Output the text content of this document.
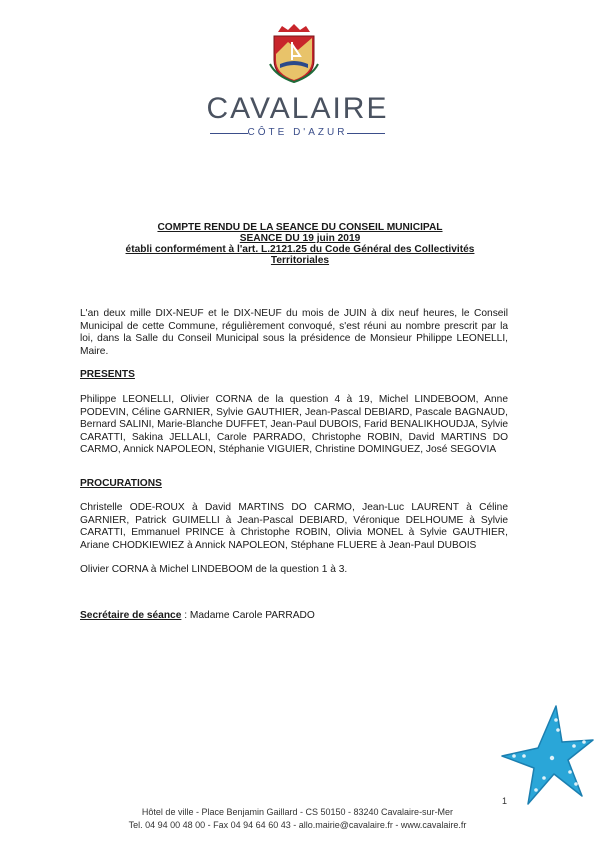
CAVALAIRE
CÔTE D'AZUR
COMPTE RENDU DE LA SEANCE DU CONSEIL MUNICIPAL
SEANCE DU 19 juin 2019
établi conformément à l'art. L.2121.25 du Code Général des Collectivités
Territoriales
L'an deux mille DIX-NEUF et le DIX-NEUF du mois de JUIN à dix neuf heures, le Conseil Municipal de cette Commune, régulièrement convoqué, s'est réuni au nombre prescrit par la loi, dans la Salle du Conseil Municipal sous la présidence de Monsieur Philippe LEONELLI, Maire.
PRESENTS
Philippe LEONELLI, Olivier CORNA de la question 4 à 19, Michel LINDEBOOM, Anne PODEVIN, Céline GARNIER, Sylvie GAUTHIER, Jean-Pascal DEBIARD, Pascale BAGNAUD, Bernard SALINI, Marie-Blanche DUFFET, Jean-Paul DUBOIS, Farid BENALIKHOUDJA, Sylvie CARATTI, Sakina JELLALI, Carole PARRADO, Christophe ROBIN, David MARTINS DO CARMO, Annick NAPOLEON, Stéphanie VIGUIER, Christine DOMINGUEZ, José SEGOVIA
PROCURATIONS
Christelle ODE-ROUX à David MARTINS DO CARMO, Jean-Luc LAURENT à Céline GARNIER, Patrick GUIMELLI à Jean-Pascal DEBIARD, Véronique DELHOUME à Sylvie CARATTI, Emmanuel PRINCE à Christophe ROBIN, Olivia MONEL à Sylvie GAUTHIER, Ariane CHODKIEWIEZ à Annick NAPOLEON, Stéphane FLUERE à Jean-Paul DUBOIS
Olivier CORNA à Michel LINDEBOOM de la question 1 à 3.
Secrétaire de séance : Madame Carole PARRADO
1
Hôtel de ville - Place Benjamin Gaillard - CS 50150 - 83240 Cavalaire-sur-Mer
Tel. 04 94 00 48 00 - Fax 04 94 64 60 43 - allo.mairie@cavalaire.fr - www.cavalaire.fr
